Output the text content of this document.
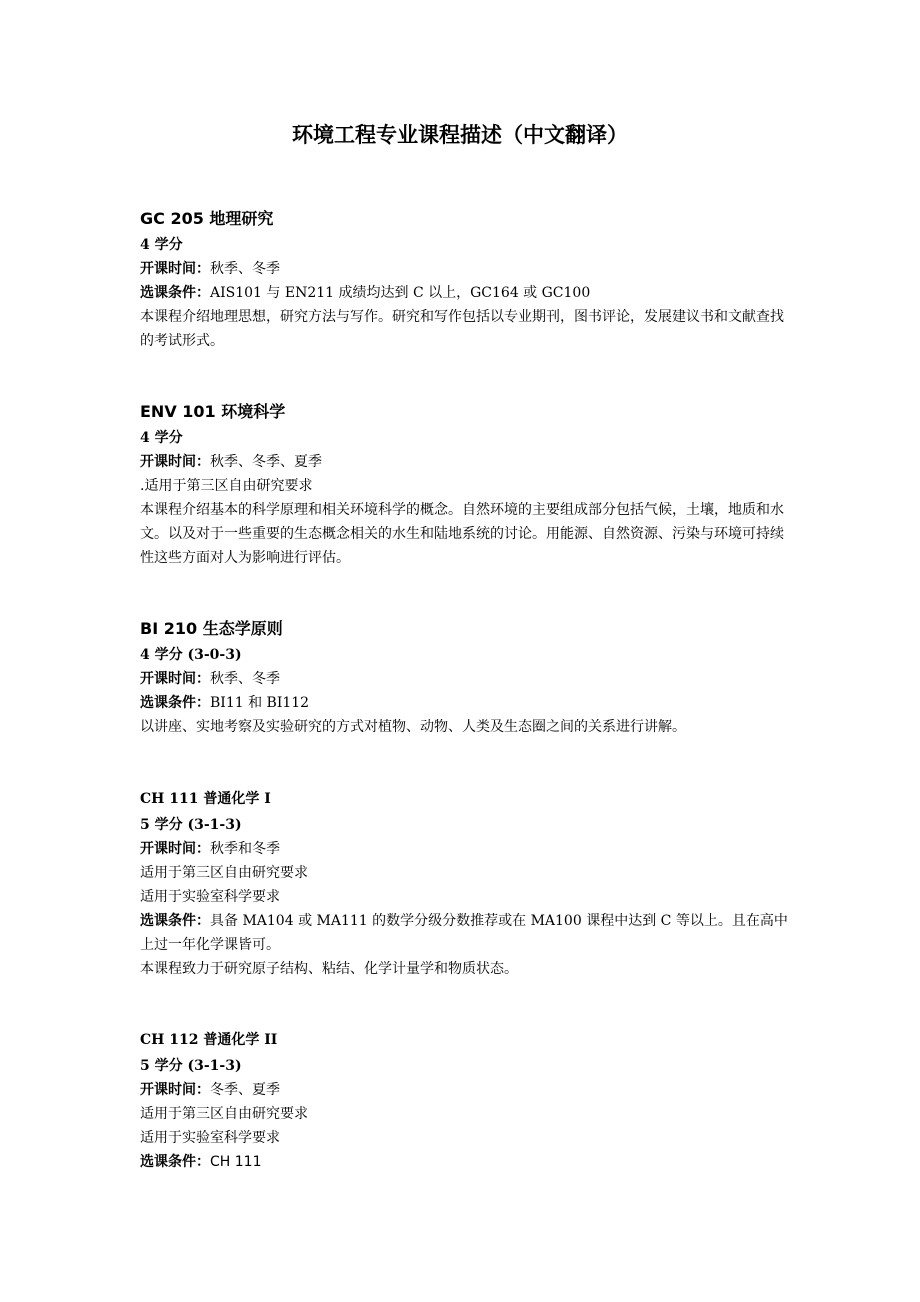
环境工程专业课程描述（中文翻译）

GC 205 地理研究

4 学分

开课时间：秋季、冬季

选课条件：AIS101 与 EN211 成绩均达到 C 以上，GC164 或 GC100

本课程介绍地理思想，研究方法与写作。研究和写作包括以专业期刊，图书评论，发展建议书和文献查找的考试形式。

ENV 101 环境科学

4 学分

开课时间：秋季、冬季、夏季

.适用于第三区自由研究要求

本课程介绍基本的科学原理和相关环境科学的概念。自然环境的主要组成部分包括气候，土壤，地质和水文。以及对于一些重要的生态概念相关的水生和陆地系统的讨论。用能源、自然资源、污染与环境可持续性这些方面对人为影响进行评估。

BI 210 生态学原则

4 学分 (3-0-3)

开课时间：秋季、冬季

选课条件：BI11 和 BI112

以讲座、实地考察及实验研究的方式对植物、动物、人类及生态圈之间的关系进行讲解。

CH 111 普通化学 I

5 学分 (3-1-3)

开课时间：秋季和冬季

适用于第三区自由研究要求

适用于实验室科学要求

选课条件：具备 MA104 或 MA111 的数学分级分数推荐或在 MA100 课程中达到 C 等以上。且在高中上过一年化学课皆可。

本课程致力于研究原子结构、粘结、化学计量学和物质状态。

CH 112 普通化学 II

5 学分 (3-1-3)

开课时间：冬季、夏季

适用于第三区自由研究要求

适用于实验室科学要求

选课条件：CH 111
